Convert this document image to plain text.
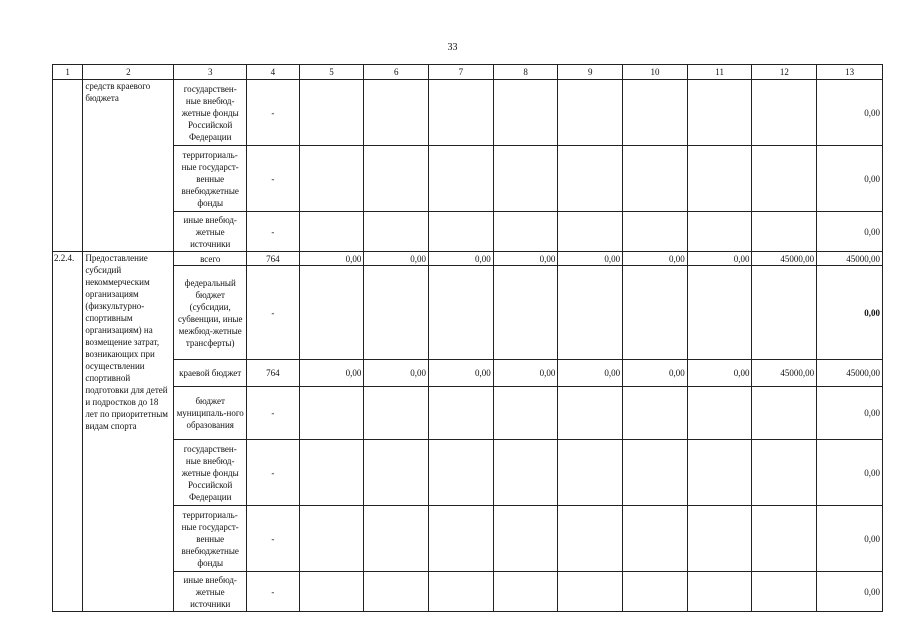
33
1	2	3	4	5	6	7	8	9	10	11	12	13
	средств краевого бюджета	государствен-ные внебюд-жетные фонды Российской Федерации	-									0,00
		территориаль-ные государст-венные внебюджетные фонды	-									0,00
		иные внебюд-жетные источники	-									0,00
2.2.4.	Предоставление субсидий некоммерческим организациям (физкультурно-спортивным организациям) на возмещение затрат, возникающих при осуществлении спортивной подготовки для детей и подростков до 18 лет по приоритетным видам спорта	всего	764	0,00	0,00	0,00	0,00	0,00	0,00	0,00	45000,00	45000,00
		федеральный бюджет (субсидии, субвенции, иные межбюд-жетные трансферты)	-									0,00
		краевой бюджет	764	0,00	0,00	0,00	0,00	0,00	0,00	0,00	45000,00	45000,00
		бюджет муниципаль-ного образования	-									0,00
		государствен-ные внебюд-жетные фонды Российской Федерации	-									0,00
		территориаль-ные государст-венные внебюджетные фонды	-									0,00
		иные внебюд-жетные источники	-									0,00
